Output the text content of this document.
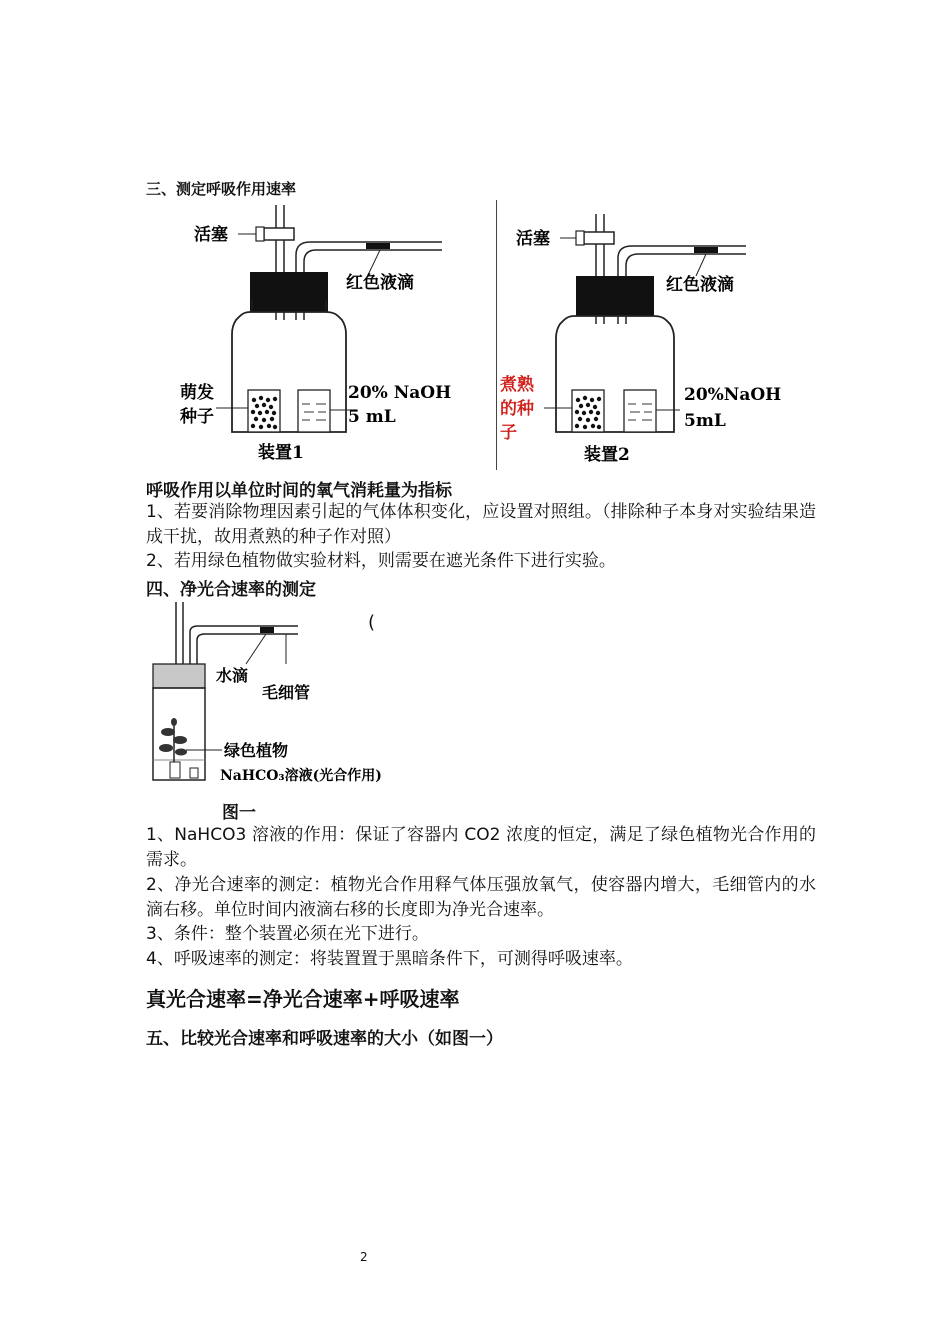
三、测定呼吸作用速率
活塞
红色液滴
萌发
种子
20% NaOH
5 mL
装置1
活塞
红色液滴
煮熟
的种
子
20%NaOH
5mL
装置2
呼吸作用以单位时间的氧气消耗量为指标
1、若要消除物理因素引起的气体体积变化，应设置对照组。（排除种子本身对实验结果造成干扰，故用煮熟的种子作对照）
2、若用绿色植物做实验材料，则需要在遮光条件下进行实验。
四、净光合速率的测定
(
水滴
毛细管
绿色植物
NaHCO₃溶液(光合作用)
图一
1、NaHCO3 溶液的作用：保证了容器内 CO2 浓度的恒定，满足了绿色植物光合作用的需求。
2、净光合速率的测定：植物光合作用释气体压强放氧气，使容器内增大，毛细管内的水滴右移。单位时间内液滴右移的长度即为净光合速率。
3、条件：整个装置必须在光下进行。
4、呼吸速率的测定：将装置置于黑暗条件下，可测得呼吸速率。
真光合速率=净光合速率+呼吸速率
五、比较光合速率和呼吸速率的大小（如图一）
2
